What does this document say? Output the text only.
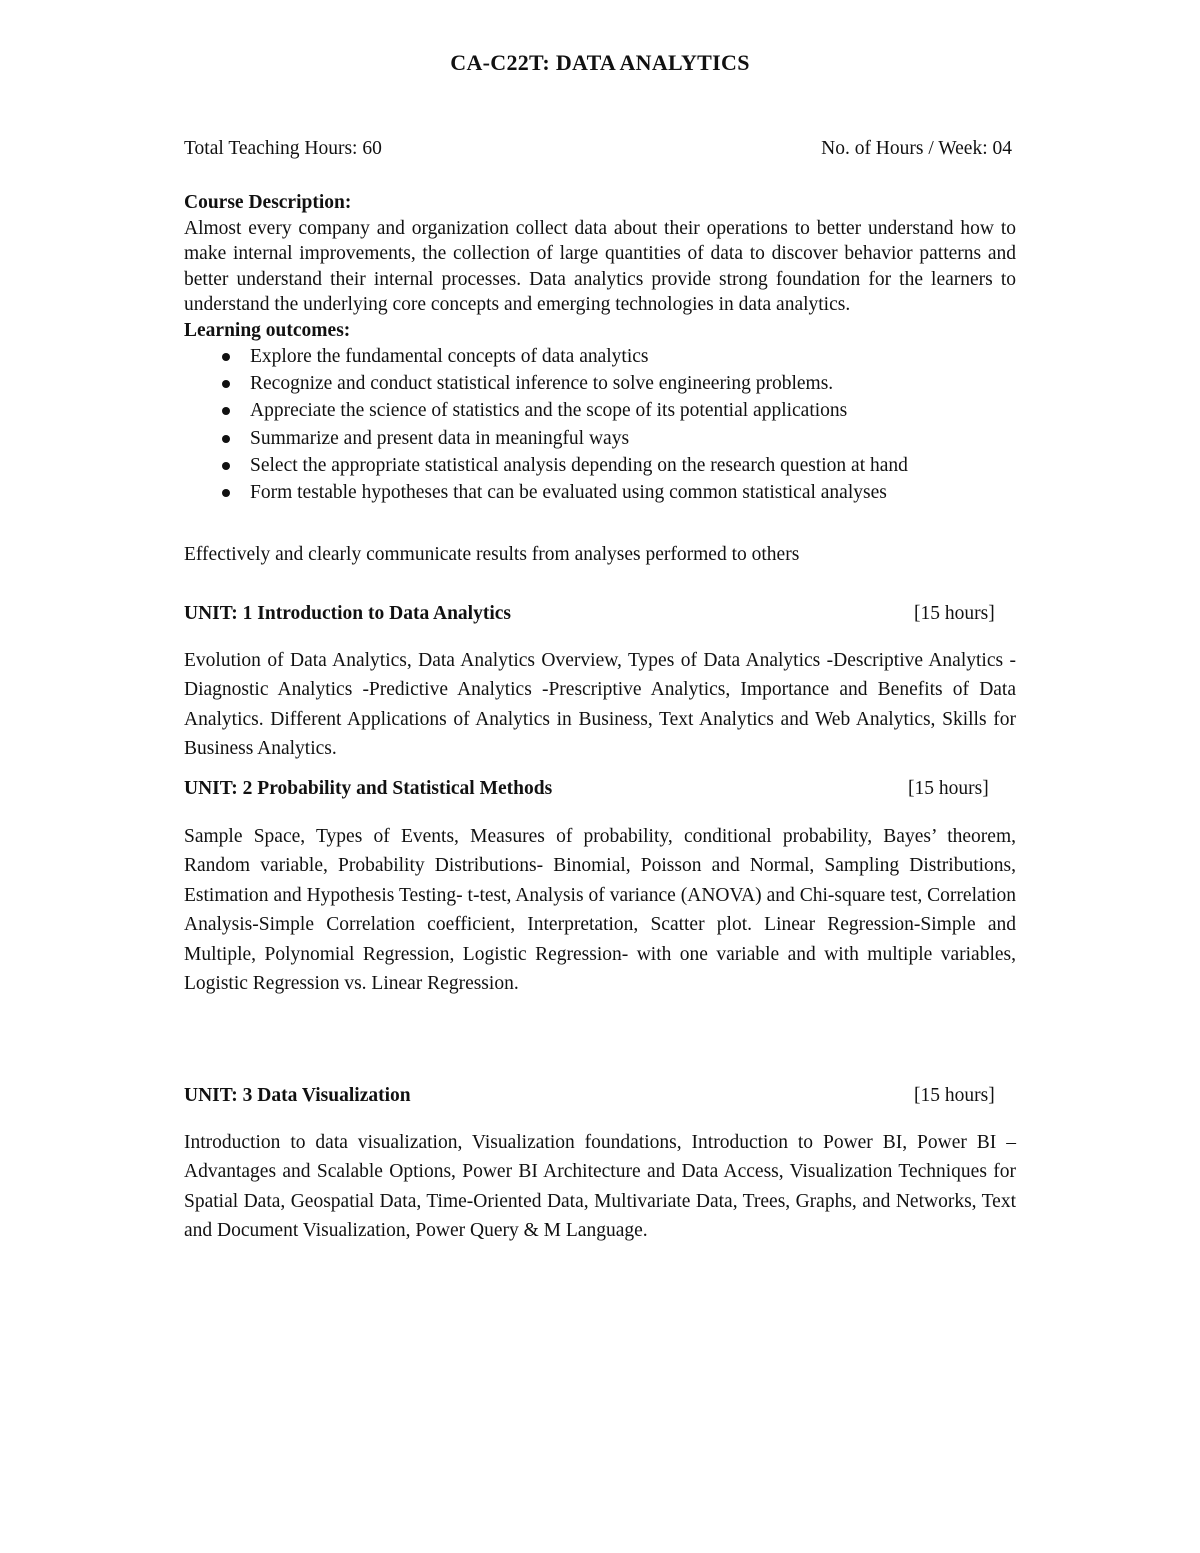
CA-C22T: DATA ANALYTICS
Total Teaching Hours: 60	No. of Hours / Week: 04
Course Description:
Almost every company and organization collect data about their operations to better understand how to make internal improvements, the collection of large quantities of data to discover behavior patterns and better understand their internal processes. Data analytics provide strong foundation for the learners to understand the underlying core concepts and emerging technologies in data analytics.
Learning outcomes:
Explore the fundamental concepts of data analytics
Recognize and conduct statistical inference to solve engineering problems.
Appreciate the science of statistics and the scope of its potential applications
Summarize and present data in meaningful ways
Select the appropriate statistical analysis depending on the research question at hand
Form testable hypotheses that can be evaluated using common statistical analyses
Effectively and clearly communicate results from analyses performed to others
UNIT: 1 Introduction to Data Analytics	[15 hours]
Evolution of Data Analytics, Data Analytics Overview, Types of Data Analytics -Descriptive Analytics -Diagnostic Analytics -Predictive Analytics -Prescriptive Analytics, Importance and Benefits of Data Analytics. Different Applications of Analytics in Business, Text Analytics and Web Analytics, Skills for Business Analytics.
UNIT: 2 Probability and Statistical Methods	[15 hours]
Sample Space, Types of Events, Measures of probability, conditional probability, Bayes’ theorem, Random variable, Probability Distributions- Binomial, Poisson and Normal, Sampling Distributions, Estimation and Hypothesis Testing- t-test, Analysis of variance (ANOVA) and Chi-square test, Correlation Analysis-Simple Correlation coefficient, Interpretation, Scatter plot. Linear Regression-Simple and Multiple, Polynomial Regression, Logistic Regression- with one variable and with multiple variables, Logistic Regression vs. Linear Regression.
UNIT: 3 Data Visualization	[15 hours]
Introduction to data visualization, Visualization foundations, Introduction to Power BI, Power BI – Advantages and Scalable Options, Power BI Architecture and Data Access, Visualization Techniques for Spatial Data, Geospatial Data, Time-Oriented Data, Multivariate Data, Trees, Graphs, and Networks, Text and Document Visualization, Power Query & M Language.
